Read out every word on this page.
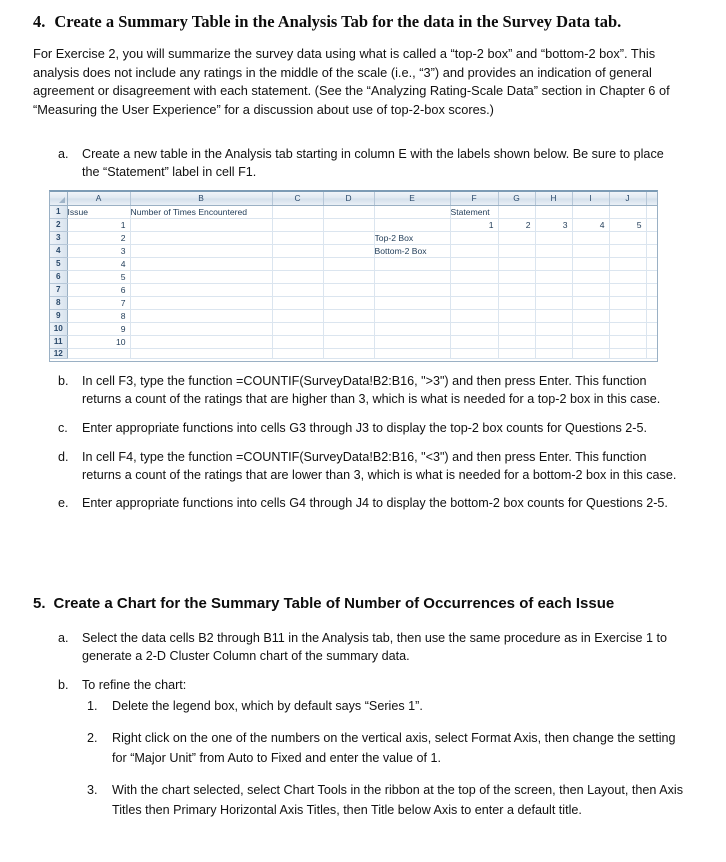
4. Create a Summary Table in the Analysis Tab for the data in the Survey Data tab.

For Exercise 2, you will summarize the survey data using what is called a “top-2 box” and “bottom-2 box”. This analysis does not include any ratings in the middle of the scale (i.e., “3”) and provides an indication of general agreement or disagreement with each statement. (See the “Analyzing Rating-Scale Data” section in Chapter 6 of “Measuring the User Experience” for a discussion about use of top-2-box scores.)

a.	Create a new table in the Analysis tab starting in column E with the labels shown below. Be sure to place the “Statement” label in cell F1.
	A	B	C	D	E	F	G	H	I	J	
1	Issue	Number of Times Encountered				Statement					
2	1					1	2	3	4	5	
3	2				Top-2 Box						
4	3				Bottom-2 Box						
5	4										
6	5										
7	6										
8	7										
9	8										
10	9										
11	10										
12											
b.	In cell F3, type the function =COUNTIF(SurveyData!B2:B16, ">3") and then press Enter. This function returns a count of the ratings that are higher than 3, which is what is needed for a top-2 box in this case.
c.	Enter appropriate functions into cells G3 through J3 to display the top-2 box counts for Questions 2-5.
d.	In cell F4, type the function =COUNTIF(SurveyData!B2:B16, "<3") and then press Enter. This function returns a count of the ratings that are lower than 3, which is what is needed for a bottom-2 box in this case.
e.	Enter appropriate functions into cells G4 through J4 to display the bottom-2 box counts for Questions 2-5.
5. Create a Chart for the Summary Table of Number of Occurrences of each Issue
a.	Select the data cells B2 through B11 in the Analysis tab, then use the same procedure as in Exercise 1 to generate a 2-D Cluster Column chart of the summary data.
b.	To refine the chart:
1.	Delete the legend box, which by default says “Series 1”.
2.	Right click on the one of the numbers on the vertical axis, select Format Axis, then change the setting for “Major Unit” from Auto to Fixed and enter the value of 1.
3.	With the chart selected, select Chart Tools in the ribbon at the top of the screen, then Layout, then Axis Titles then Primary Horizontal Axis Titles, then Title below Axis to enter a default title.
